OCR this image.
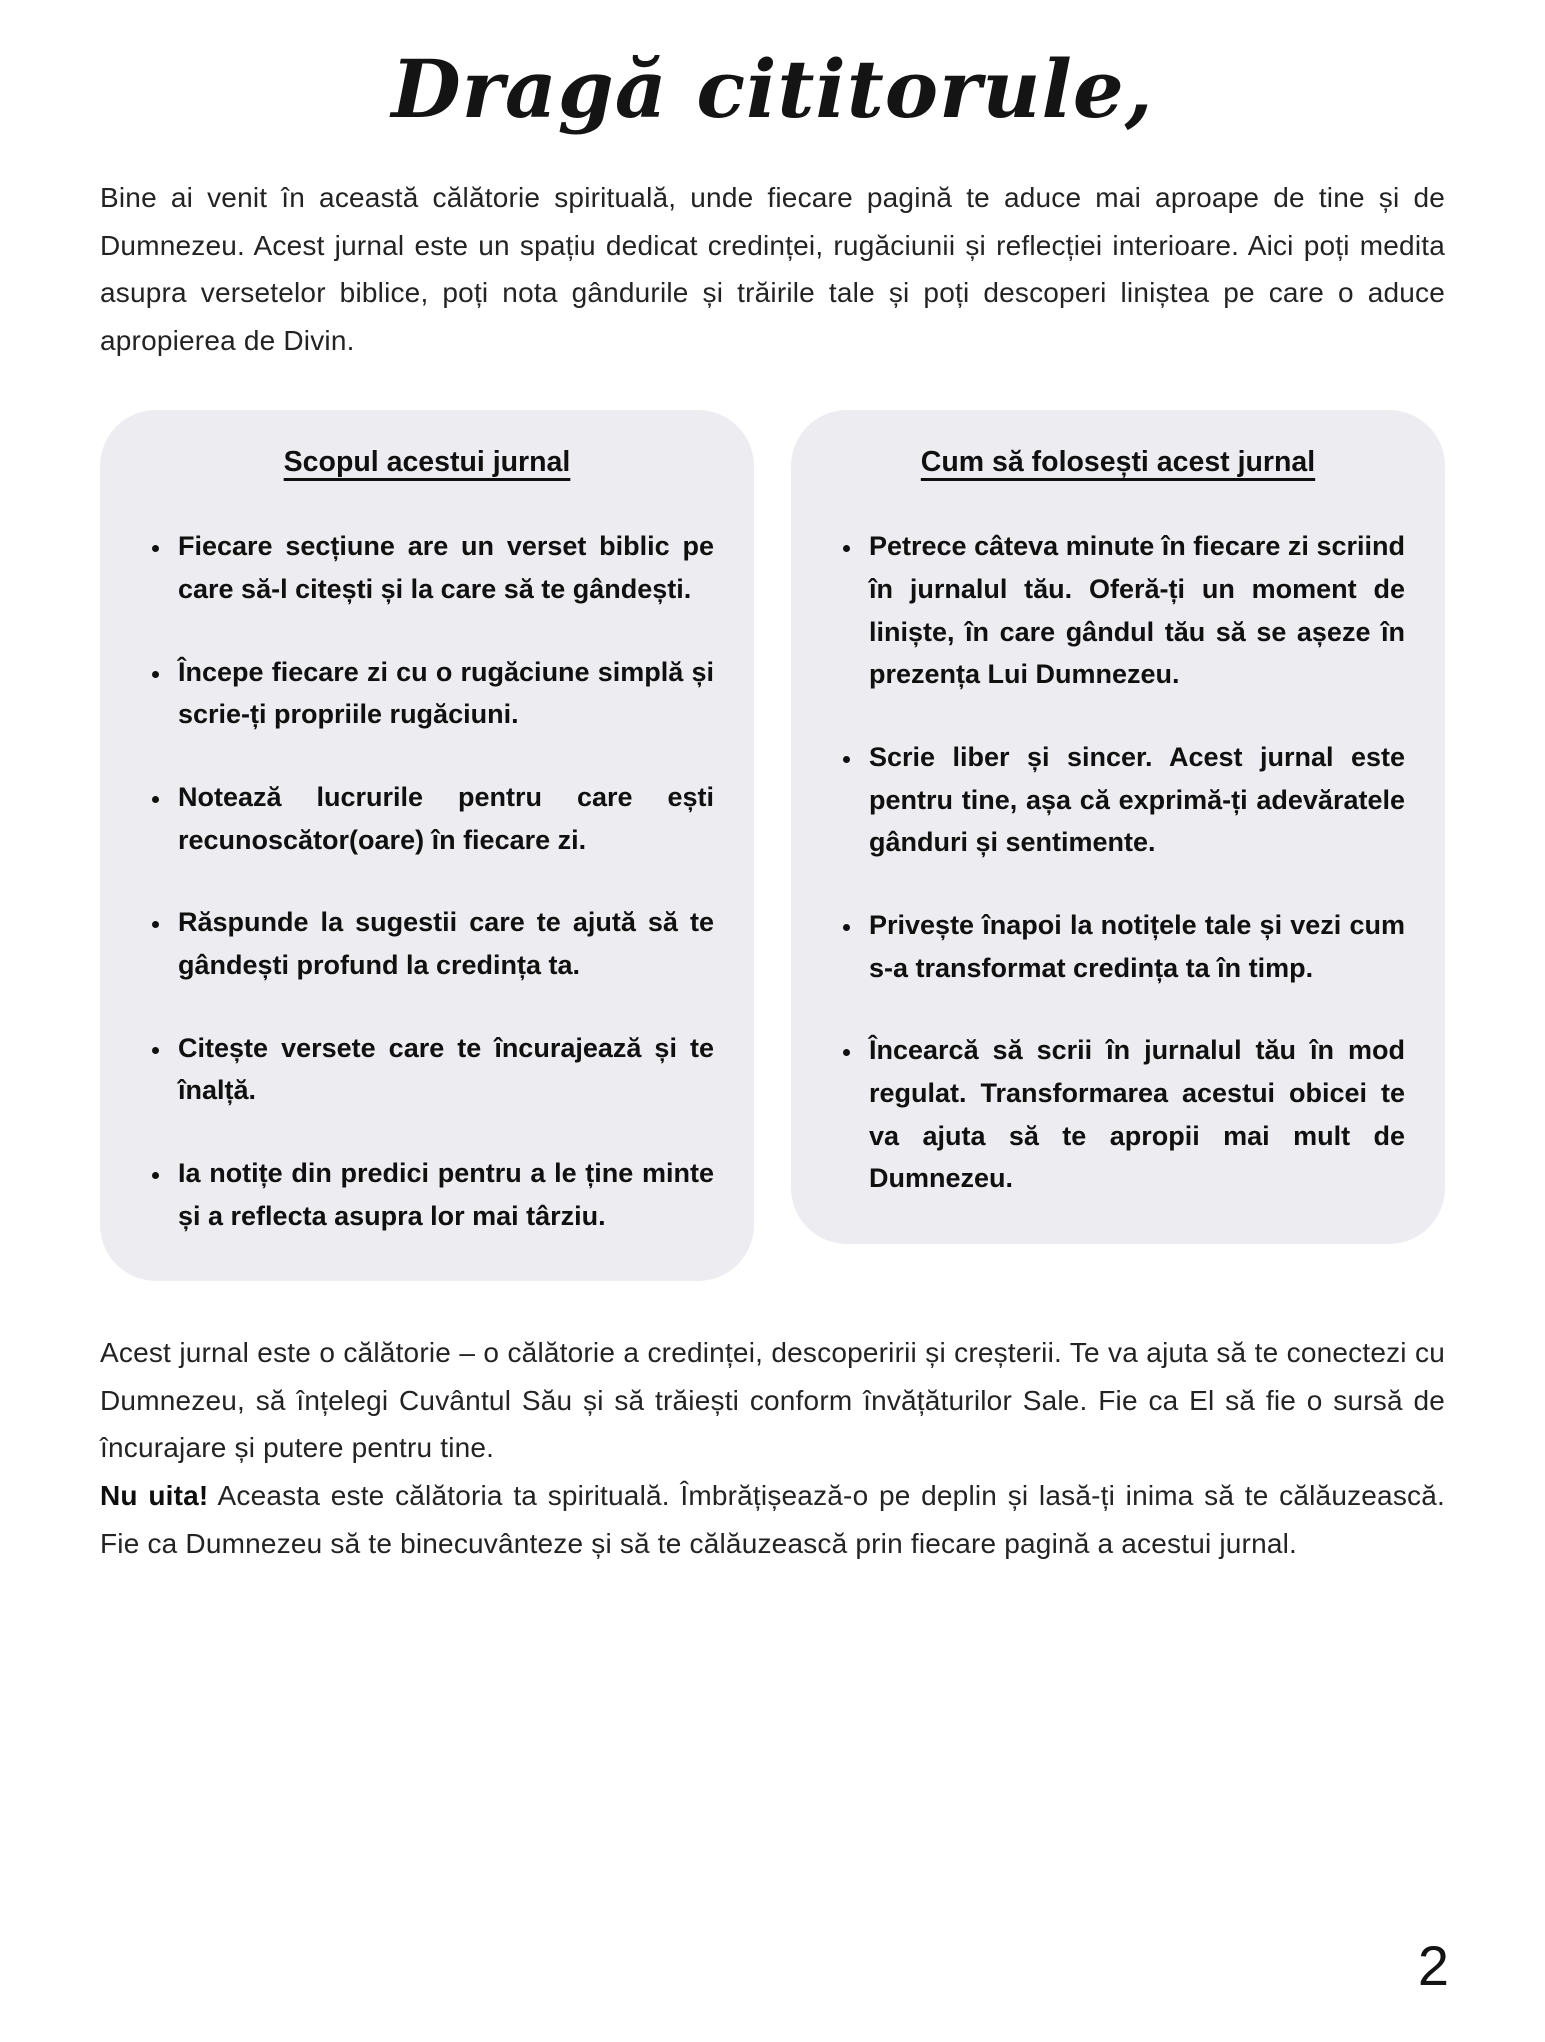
Dragă cititorule,

Bine ai venit în această călătorie spirituală, unde fiecare pagină te aduce mai aproape de tine și de Dumnezeu. Acest jurnal este un spațiu dedicat credinței, rugăciunii și reflecției interioare. Aici poți medita asupra versetelor biblice, poți nota gândurile și trăirile tale și poți descoperi liniștea pe care o aduce apropierea de Divin.

Scopul acestui jurnal
• Fiecare secțiune are un verset biblic pe care să-l citești și la care să te gândești.
• Începe fiecare zi cu o rugăciune simplă și scrie-ți propriile rugăciuni.
• Notează lucrurile pentru care ești recunoscător(oare) în fiecare zi.
• Răspunde la sugestii care te ajută să te gândești profund la credința ta.
• Citește versete care te încurajează și te înalță.
• Ia notițe din predici pentru a le ține minte și a reflecta asupra lor mai târziu.
Cum să folosești acest jurnal
• Petrece câteva minute în fiecare zi scriind în jurnalul tău. Oferă-ți un moment de liniște, în care gândul tău să se așeze în prezența Lui Dumnezeu.
• Scrie liber și sincer. Acest jurnal este pentru tine, așa că exprimă-ți adevăratele gânduri și sentimente.
• Privește înapoi la notițele tale și vezi cum s-a transformat credința ta în timp.
• Încearcă să scrii în jurnalul tău în mod regulat. Transformarea acestui obicei te va ajuta să te apropii mai mult de Dumnezeu.

Acest jurnal este o călătorie – o călătorie a credinței, descoperirii și creșterii. Te va ajuta să te conectezi cu Dumnezeu, să înțelegi Cuvântul Său și să trăiești conform învățăturilor Sale. Fie ca El să fie o sursă de încurajare și putere pentru tine.

Nu uita! Aceasta este călătoria ta spirituală. Îmbrățișează-o pe deplin și lasă-ți inima să te călăuzească. Fie ca Dumnezeu să te binecuvânteze și să te călăuzească prin fiecare pagină a acestui jurnal.

2
